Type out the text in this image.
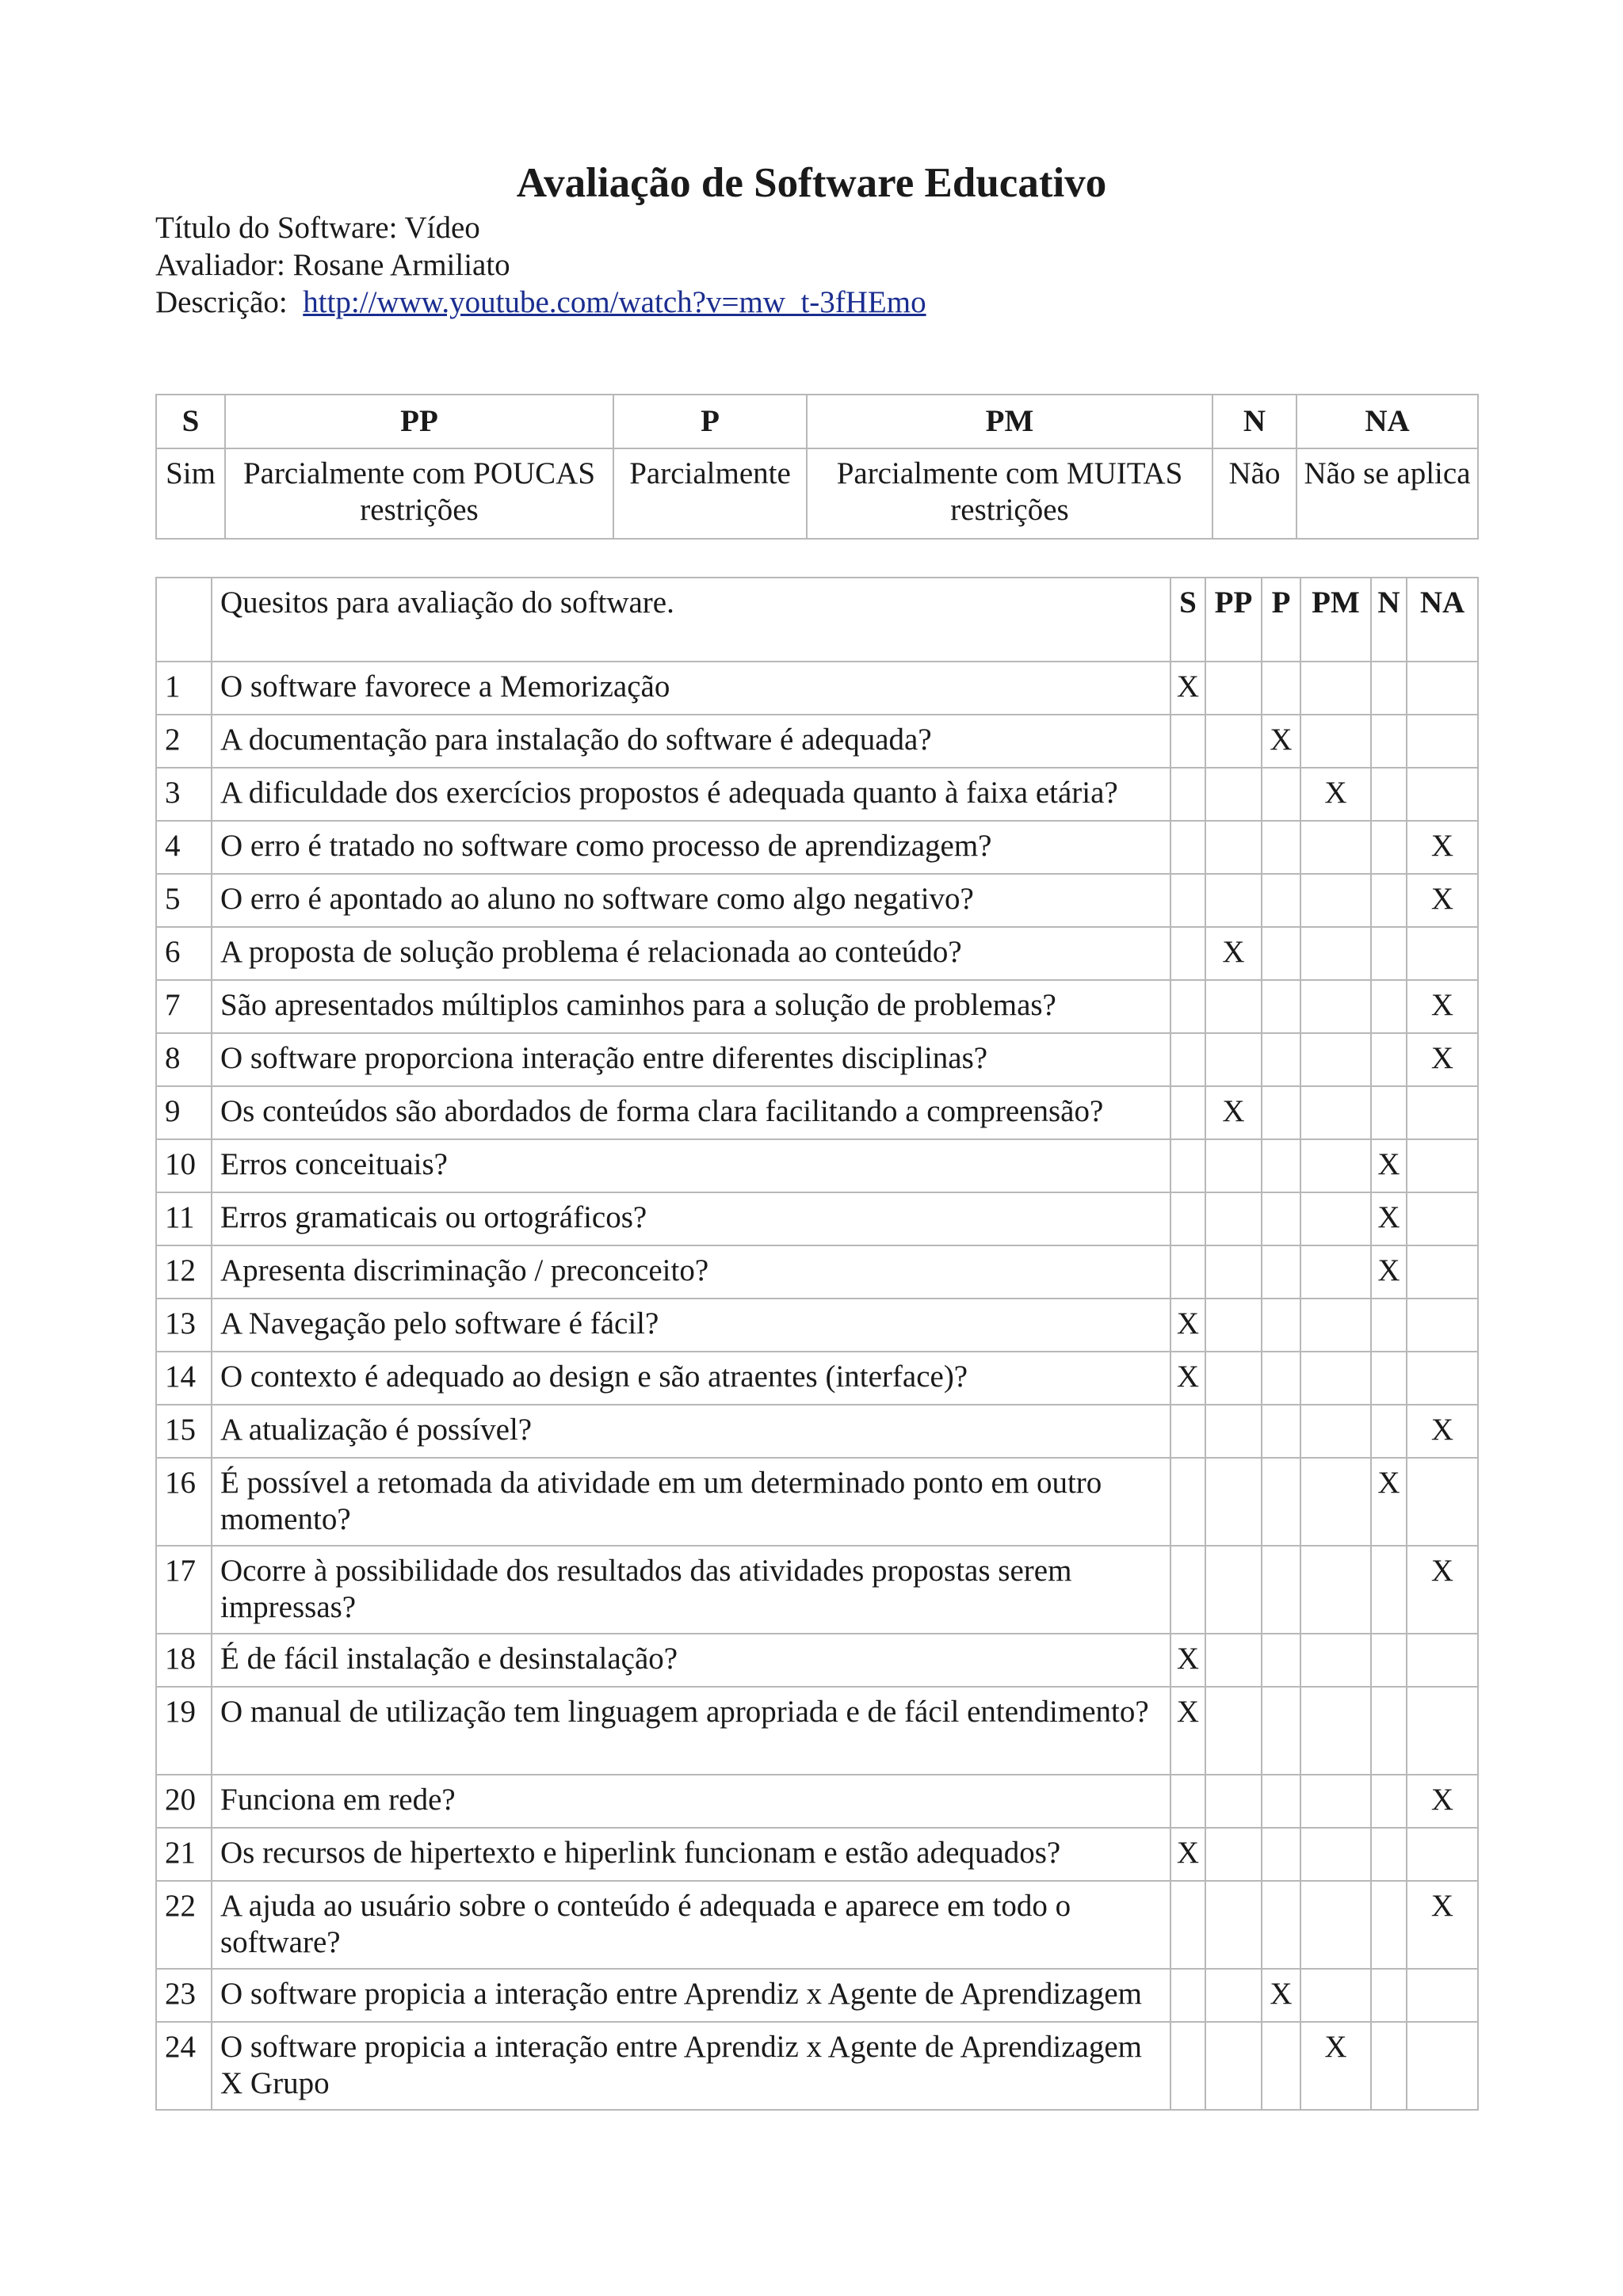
Avaliação de Software Educativo
Título do Software: Vídeo
Avaliador: Rosane Armiliato
Descrição: http://www.youtube.com/watch?v=mw_t-3fHEmo
S	PP	P	PM	N	NA
Sim	Parcialmente com POUCAS restrições	Parcialmente	Parcialmente com MUITAS restrições	Não	Não se aplica
	Quesitos para avaliação do software.	S	PP	P	PM	N	NA
1	O software favorece a Memorização	X					
2	A documentação para instalação do software é adequada?			X			
3	A dificuldade dos exercícios propostos é adequada quanto à faixa etária?				X		
4	O erro é tratado no software como processo de aprendizagem?						X
5	O erro é apontado ao aluno no software como algo negativo?						X
6	A proposta de solução problema é relacionada ao conteúdo?		X				
7	São apresentados múltiplos caminhos para a solução de problemas?						X
8	O software proporciona interação entre diferentes disciplinas?						X
9	Os conteúdos são abordados de forma clara facilitando a compreensão?		X				
10	Erros conceituais?					X	
11	Erros gramaticais ou ortográficos?					X	
12	Apresenta discriminação / preconceito?					X	
13	A Navegação pelo software é fácil?	X					
14	O contexto é adequado ao design e são atraentes (interface)?	X					
15	A atualização é possível?						X
16	É possível a retomada da atividade em um determinado ponto em outro momento?					X	
17	Ocorre à possibilidade dos resultados das atividades propostas serem impressas?						X
18	É de fácil instalação e desinstalação?	X					
19	O manual de utilização tem linguagem apropriada e de fácil entendimento?	X					
20	Funciona em rede?						X
21	Os recursos de hipertexto e hiperlink funcionam e estão adequados?	X					
22	A ajuda ao usuário sobre o conteúdo é adequada e aparece em todo o software?						X
23	O software propicia a interação entre Aprendiz x Agente de Aprendizagem			X			
24	O software propicia a interação entre Aprendiz x Agente de Aprendizagem X Grupo				X		
